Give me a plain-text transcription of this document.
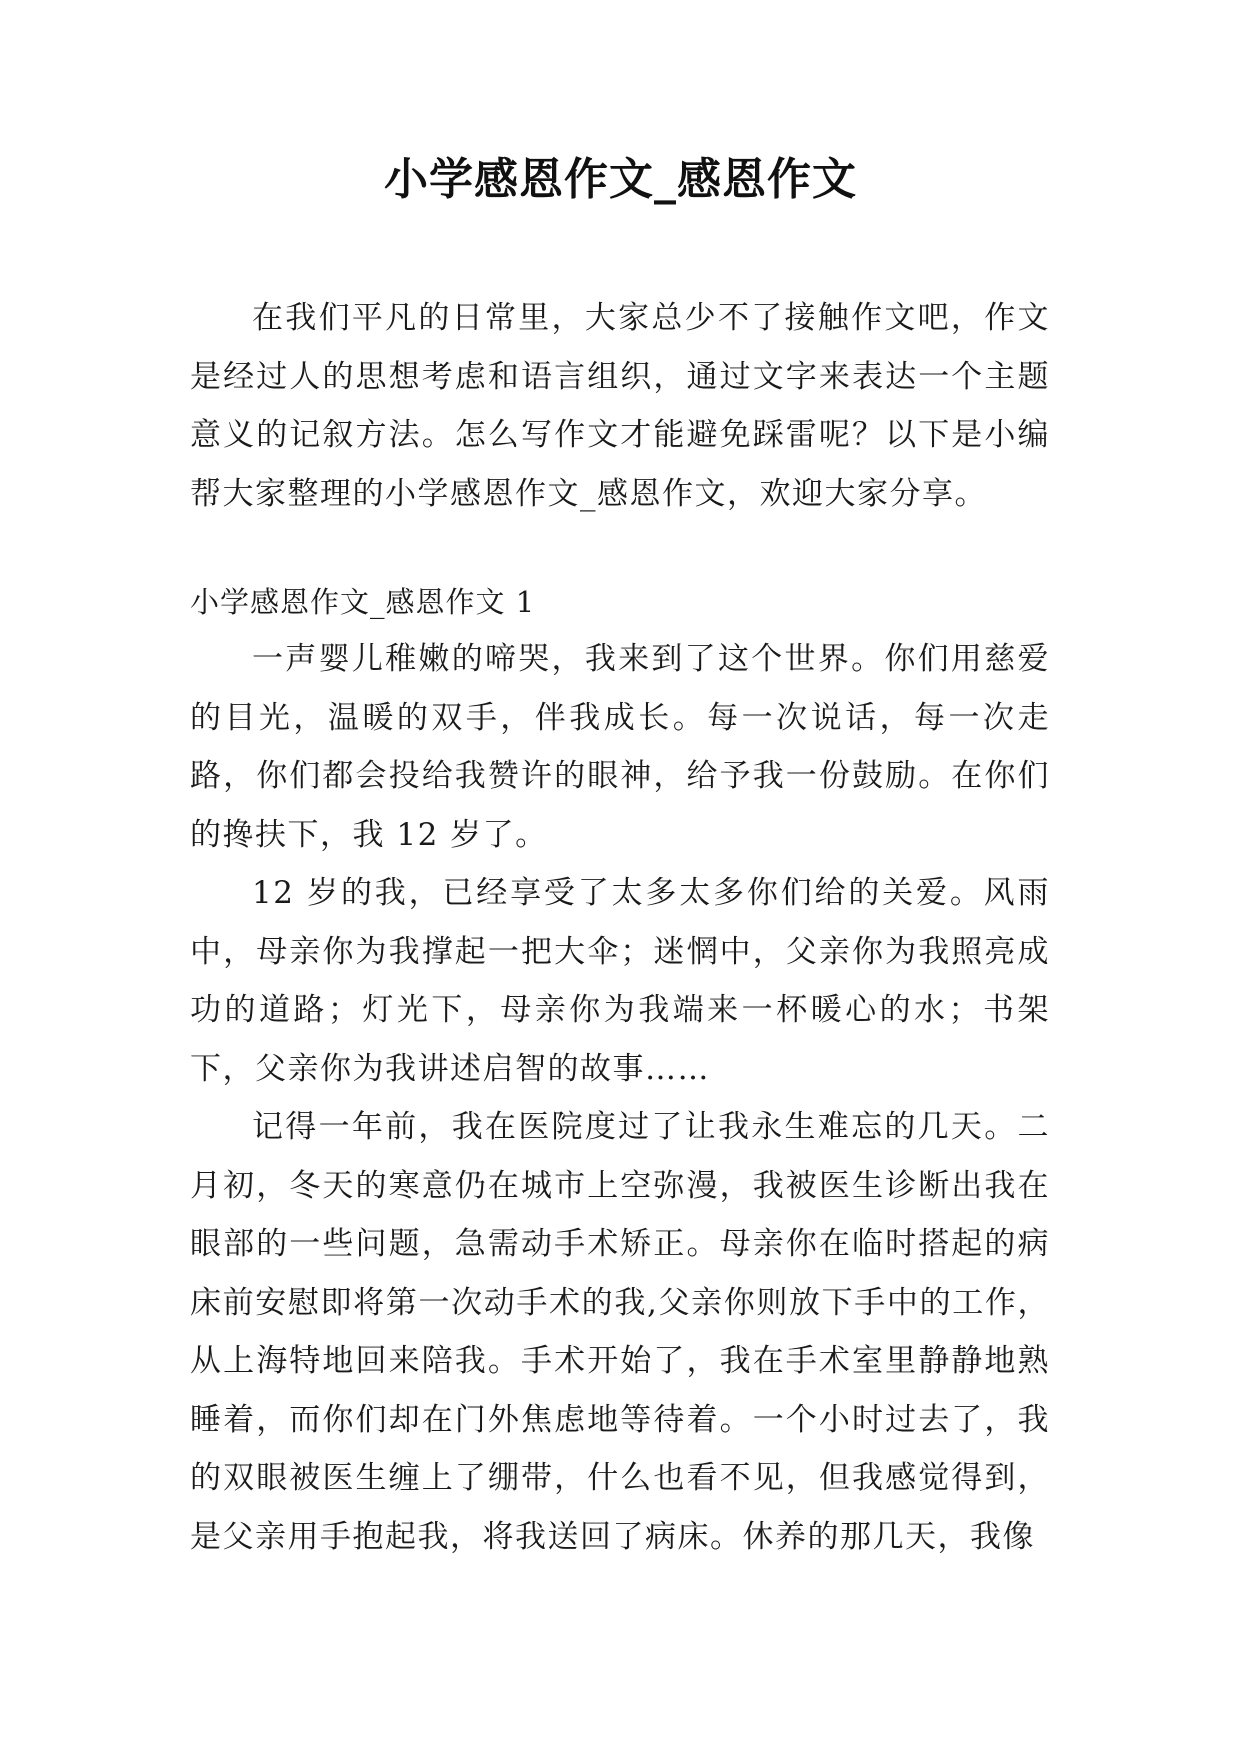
小学感恩作文_感恩作文

在我们平凡的日常里，大家总少不了接触作文吧，作文是经过人的思想考虑和语言组织，通过文字来表达一个主题意义的记叙方法。怎么写作文才能避免踩雷呢？以下是小编帮大家整理的小学感恩作文_感恩作文，欢迎大家分享。

小学感恩作文_感恩作文 1

一声婴儿稚嫩的啼哭，我来到了这个世界。你们用慈爱的目光，温暖的双手，伴我成长。每一次说话，每一次走路，你们都会投给我赞许的眼神，给予我一份鼓励。在你们的搀扶下，我 12 岁了。

12 岁的我，已经享受了太多太多你们给的关爱。风雨中，母亲你为我撑起一把大伞；迷惘中，父亲你为我照亮成功的道路；灯光下，母亲你为我端来一杯暖心的水；书架下，父亲你为我讲述启智的故事……

记得一年前，我在医院度过了让我永生难忘的几天。二月初，冬天的寒意仍在城市上空弥漫，我被医生诊断出我在眼部的一些问题，急需动手术矫正。母亲你在临时搭起的病床前安慰即将第一次动手术的我,父亲你则放下手中的工作，从上海特地回来陪我。手术开始了，我在手术室里静静地熟睡着，而你们却在门外焦虑地等待着。一个小时过去了，我的双眼被医生缠上了绷带，什么也看不见，但我感觉得到，是父亲用手抱起我，将我送回了病床。休养的那几天，我像
